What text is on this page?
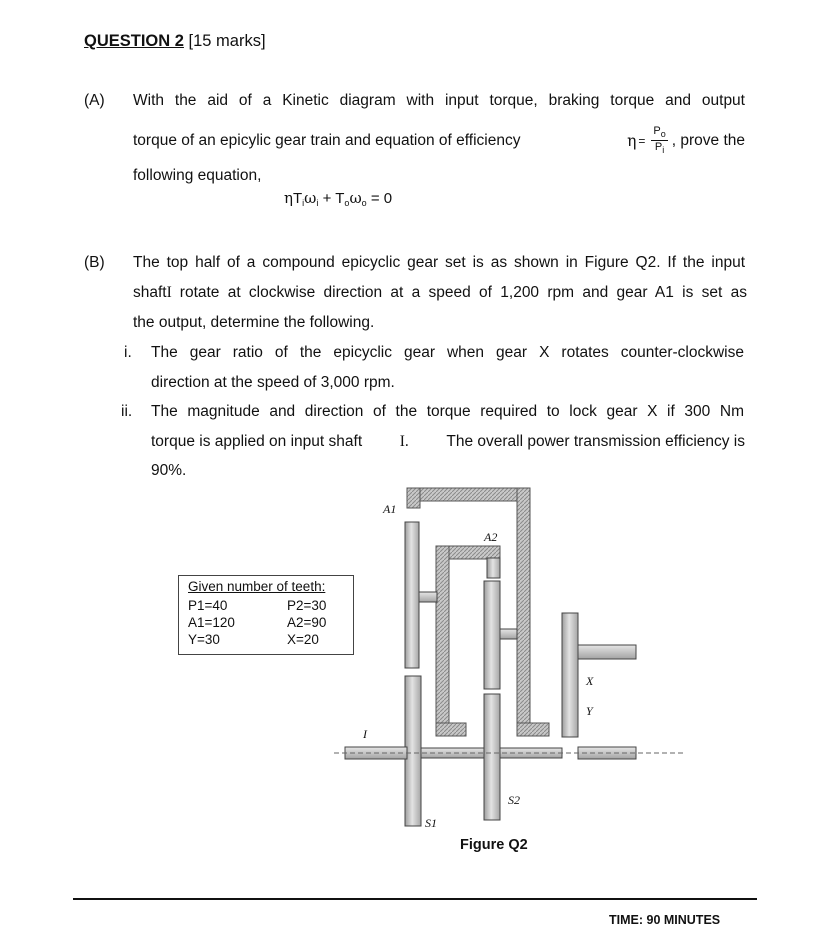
QUESTION 2 [15 marks]
(A) With the aid of a Kinetic diagram with input torque, braking torque and output
torque of an epicylic gear train and equation of efficiency	$\eta = \frac{P_o}{P_i}$ , prove the
following equation,
$\eta T_i\omega_i + T_o\omega_o = 0$
(B) The top half of a compound epicyclic gear set is as shown in Figure Q2. If the input
shaft I rotate at clockwise direction at a speed of 1,200 rpm and gear A1 is set as
the output, determine the following.
i. The gear ratio of the epicyclic gear when gear X rotates counter-clockwise
direction at the speed of 3,000 rpm.
ii. The magnitude and direction of the torque required to lock gear X if 300 Nm
torque is applied on input shaft I. The overall power transmission efficiency is
90%.
Given number of teeth:
P1=40	P2=30
A1=120	A2=90
Y=30	X=20
A1
A2
I
X
Y
S2
S1
Figure Q2
TIME: 90 MINUTES
